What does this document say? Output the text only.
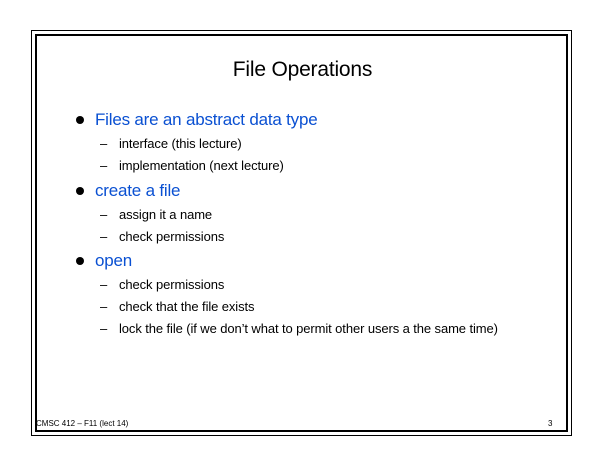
File Operations
Files are an abstract data type
– interface (this lecture)
– implementation (next lecture)
create a file
– assign it a name
– check permissions
open
– check permissions
– check that the file exists
– lock the file (if we don’t what to permit other users a the same time)
CMSC 412 – F11 (lect 14)	3
